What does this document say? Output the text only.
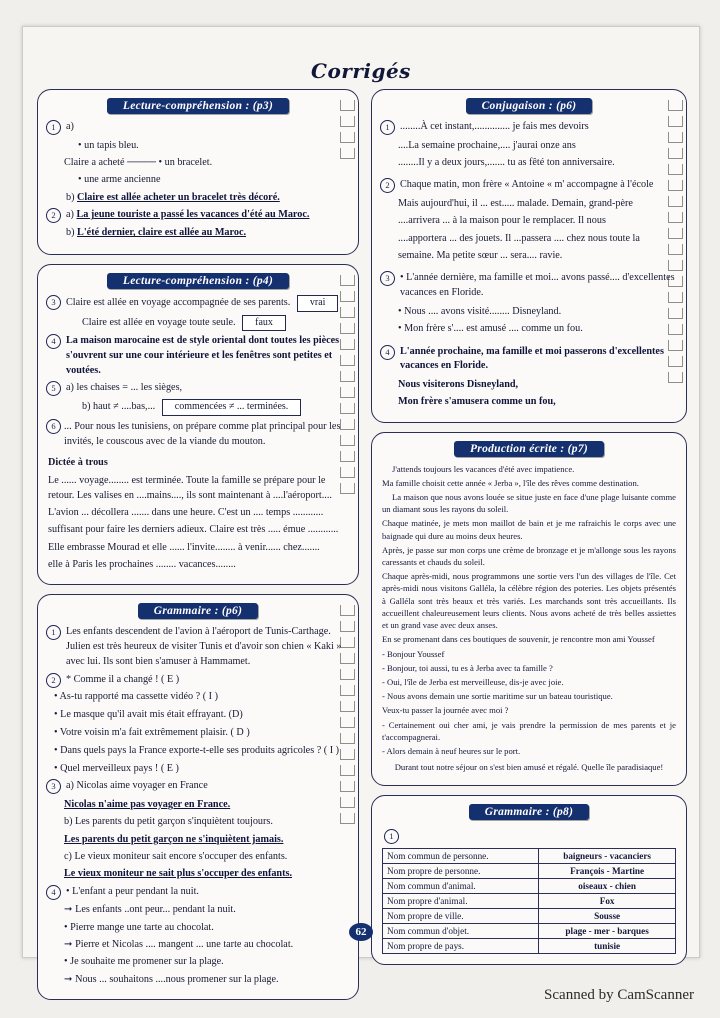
Corrigés
Lecture-compréhension : (p3)
1	a)
• un tapis bleu.
Claire a acheté ──── • un bracelet.
• une arme ancienne
b) Claire est allée acheter un bracelet très décoré.
2	a) La jeune touriste a passé les vacances d'été au Maroc.
b) L'été dernier, claire est allée au Maroc.
Lecture-compréhension : (p4)
3	Claire est allée en voyage accompagnée de ses parents. vrai
Claire est allée en voyage toute seule. faux
4	La maison marocaine est de style oriental dont toutes les pièces s'ouvrent sur une cour intérieure et les fenêtres sont petites et voutées.
5	a) les chaises = ... les sièges,
b) haut ≠ ....bas,... commencées ≠ ... terminées.
6 ... Pour nous les tunisiens, on prépare comme plat principal pour les invités, le couscous avec de la viande du mouton.
Dictée à trous
Le ...... voyage........ est terminée. Toute la famille se prépare pour le retour. Les valises en ....mains...., ils sont maintenant à ....l'aéroport....
L'avion ... décollera ....... dans une heure. C'est un .... temps ............
suffisant pour faire les derniers adieux. Claire est très ..... émue ............
Elle embrasse Mourad et elle ...... l'invite........ à venir...... chez.......
elle à Paris les prochaines ........ vacances........
Grammaire : (p6)
1	Les enfants descendent de l'avion à l'aéroport de Tunis-Carthage. Julien est très heureux de visiter Tunis et d'avoir son chien « Kaki » avec lui. Ils sont bien s'amuser à Hammamet.
2	* Comme il a changé ! ( E )
• As-tu rapporté ma cassette vidéo ? ( I )
• Le masque qu'il avait mis était effrayant. (D)
• Votre voisin m'a fait extrêmement plaisir. ( D )
• Dans quels pays la France exporte-t-elle ses produits agricoles ? ( I )
• Quel merveilleux pays ! ( E )
3	a) Nicolas aime voyager en France
Nicolas n'aime pas voyager en France.
b) Les parents du petit garçon s'inquiètent toujours.
Les parents du petit garçon ne s'inquiètent jamais.
c) Le vieux moniteur sait encore s'occuper des enfants.
Le vieux moniteur ne sait plus s'occuper des enfants.
4	• L'enfant a peur pendant la nuit.
➞ Les enfants ..ont peur... pendant la nuit.
• Pierre mange une tarte au chocolat.
➞ Pierre et Nicolas .... mangent ... une tarte au chocolat.
• Je souhaite me promener sur la plage.
➞ Nous ... souhaitons ....nous promener sur la plage.
Conjugaison : (p6)
1	........À cet instant,.............. je fais mes devoirs
....La semaine prochaine,.... j'aurai onze ans
........Il y a deux jours,....... tu as fêté ton anniversaire.
2	Chaque matin, mon frère « Antoine « m' accompagne à l'école
Mais aujourd'hui, il ... est..... malade. Demain, grand-père
....arrivera ... à la maison pour le remplacer. Il nous
....apportera ... des jouets. Il ...passera .... chez nous toute la
semaine. Ma petite sœur ... sera.... ravie.
3	• L'année dernière, ma famille et moi... avons passé.... d'excellentes vacances en Floride.
• Nous .... avons visité........ Disneyland.
• Mon frère s'.... est amusé .... comme un fou.
4	L'année prochaine, ma famille et moi passerons d'excellentes vacances en Floride.
Nous visiterons Disneyland,
Mon frère s'amusera comme un fou,
Production écrite : (p7)

J'attends toujours les vacances d'été avec impatience.

Ma famille choisit cette année « Jerba », l'île des rêves comme destination.

La maison que nous avons louée se situe juste en face d'une plage luisante comme un diamant sous les rayons du soleil.

Chaque matinée, je mets mon maillot de bain et je me rafraichis le corps avec une baignade qui dure au moins deux heures.

Après, je passe sur mon corps une crème de bronzage et je m'allonge sous les rayons caressants et chauds du soleil.

Chaque après-midi, nous programmons une sortie vers l'un des villages de l'île. Cet après-midi nous visitons Galléla, la célèbre région des poteries. Les objets présentés à Galléla sont très beaux et très variés. Les marchands sont très accueillants. Ils accueillent chaleureusement leurs clients. Nous avons acheté de très belles assiettes et un grand vase avec deux anses.

En se promenant dans ces boutiques de souvenir, je rencontre mon ami Youssef

- Bonjour Youssef

- Bonjour, toi aussi, tu es à Jerba avec ta famille ?

- Oui, l'île de Jerba est merveilleuse, dis-je avec joie.

- Nous avons demain une sortie maritime sur un bateau touristique.

Veux-tu passer la journée avec moi ?

- Certainement oui cher ami, je vais prendre la permission de mes parents et je t'accompagnerai.

- Alors demain à neuf heures sur le port.

Durant tout notre séjour on s'est bien amusé et régalé. Quelle île paradisiaque!

Grammaire : (p8)
1
Nom commun de personne.	baigneurs - vacanciers
Nom propre de personne.	François - Martine
Nom commun d'animal.	oiseaux - chien
Nom propre d'animal.	Fox
Nom propre de ville.	Sousse
Nom commun d'objet.	plage - mer - barques
Nom propre de pays.	tunisie
62
Scanned by CamScanner
